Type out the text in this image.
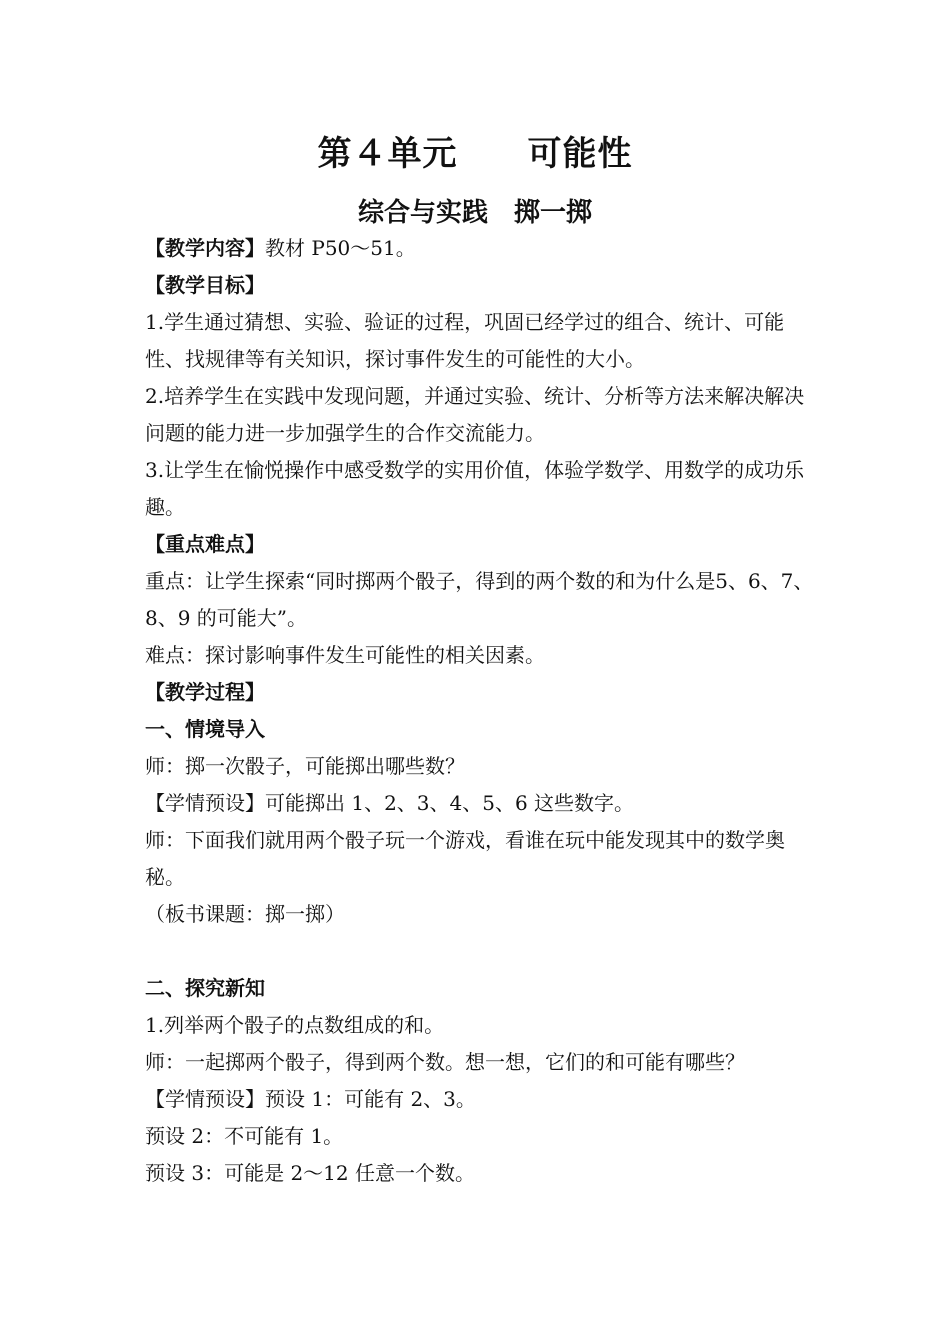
第４单元　　可能性
综合与实践　掷一掷

【教学内容】教材 P50～51。

【教学目标】

1.学生通过猜想、实验、验证的过程，巩固已经学过的组合、统计、可能性、找规律等有关知识，探讨事件发生的可能性的大小。

2.培养学生在实践中发现问题，并通过实验、统计、分析等方法来解决解决问题的能力进一步加强学生的合作交流能力。

3.让学生在愉悦操作中感受数学的实用价值，体验学数学、用数学的成功乐趣。

【重点难点】

重点：让学生探索“同时掷两个骰子，得到的两个数的和为什么是5、6、7、8、9 的可能大”。

难点：探讨影响事件发生可能性的相关因素。

【教学过程】

一、情境导入

师：掷一次骰子，可能掷出哪些数？

【学情预设】可能掷出 1、2、3、4、5、6 这些数字。

师：下面我们就用两个骰子玩一个游戏，看谁在玩中能发现其中的数学奥秘。

（板书课题：掷一掷）

二、探究新知

1.列举两个骰子的点数组成的和。

师：一起掷两个骰子，得到两个数。想一想，它们的和可能有哪些？

【学情预设】预设 1：可能有 2、3。

预设 2：不可能有 1。

预设 3：可能是 2～12 任意一个数。
